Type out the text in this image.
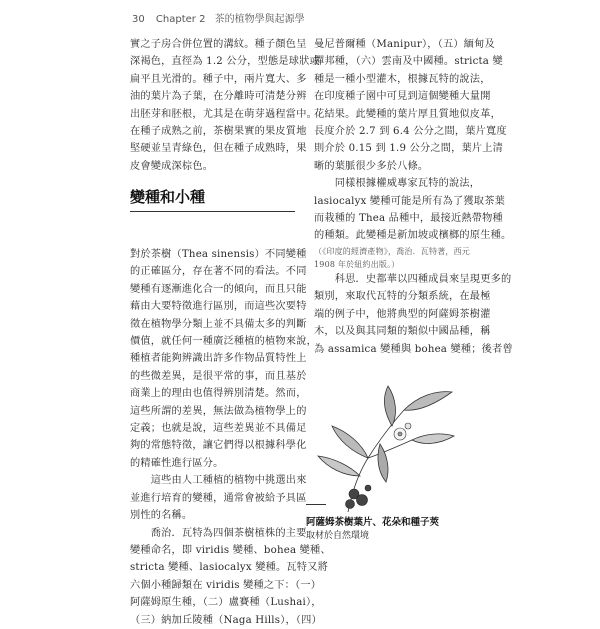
30 Chapter 2 茶的植物學與起源學

實之子房合併位置的溝紋。種子顏色呈

深褐色，直徑為 1.2 公分，型態是球狀或

扁平且光滑的。種子中，兩片寬大、多

油的葉片為子葉，在分離時可清楚分辨

出胚芽和胚根，尤其是在萌芽過程當中。

在種子成熟之前，茶樹果實的果皮質地

堅硬並呈青綠色，但在種子成熟時，果

皮會變成深棕色。

變種和小種

對於茶樹（Thea sinensis）不同變種

的正確區分，存在著不同的看法。不同

變種有逐漸進化合一的傾向，而且只能

藉由大要特徵進行區別，而這些次要特

徵在植物學分類上並不具備太多的判斷

價值，就任何一種廣泛種植的植物來說，

種植者能夠辨識出許多作物品質特性上

的些微差異，是很平常的事，而且基於

商業上的理由也值得辨別清楚。然而，

這些所謂的差異，無法做為植物學上的

定義；也就是說，這些差異並不具備足

夠的常態特徵，讓它們得以根據科學化

的精確性進行區分。

　　這些由人工種植的植物中挑選出來

並進行培育的變種，通常會被給予具區

別性的名稱。

　　喬治．瓦特為四個茶樹植株的主要

變種命名，即 viridis 變種、bohea 變種、

stricta 變種、lasiocalyx 變種。瓦特又將

六個小種歸類在 viridis 變種之下：（一）

阿薩姆原生種，（二）盧賽種（Lushai），

（三）納加丘陵種（Naga Hills），（四）

曼尼普爾種（Manipur），（五）緬甸及

撣邦種，（六）雲南及中國種。stricta 變

種是一種小型灌木，根據瓦特的說法，

在印度種子園中可見到這個變種大量開

花結果。此變種的葉片厚且質地似皮革，

長度介於 2.7 到 6.4 公分之間，葉片寬度

則介於 0.15 到 1.9 公分之間，葉片上清

晰的葉脈很少多於八條。

　　同樣根據權威專家瓦特的說法，

lasiocalyx 變種可能是所有為了獲取茶葉

而栽種的 Thea 品種中，最接近熱帶物種

的種類。此變種是新加坡或檳榔的原生種。

（《印度的經濟產物》，喬治．瓦特著，西元

1908 年於紐約出版。）

　　科思．史都華以四種成員來呈現更多的

類別，來取代瓦特的分類系統，在最極

端的例子中，他將典型的阿薩姆茶樹灌

木，以及與其同類的類似中國品種，稱

為 assamica 變種與 bohea 變種；後者曾

阿薩姆茶樹葉片、花朵和種子莢
取材於自然環境
